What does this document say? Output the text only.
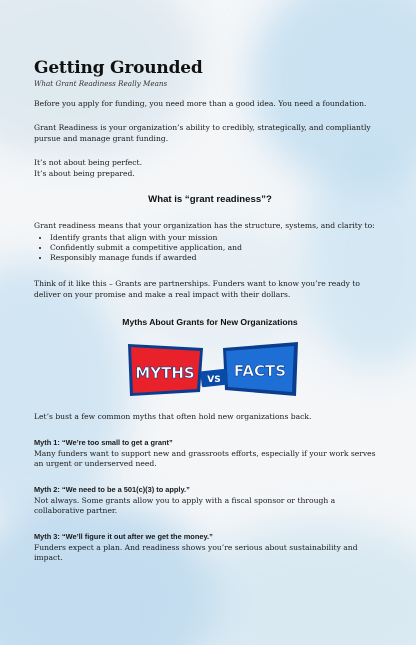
Getting Grounded
What Grant Readiness Really Means

Before you apply for funding, you need more than a good idea. You need a foundation.

Grant Readiness is your organization’s ability to credibly, strategically, and compliantly pursue and manage grant funding.

It’s not about being perfect.

It’s about being prepared.

What is “grant readiness”?

Grant readiness means that your organization has the structure, systems, and clarity to:

• Identify grants that align with your mission
• Confidently submit a competitive application, and
• Responsibly manage funds if awarded

Think of it like this – Grants are partnerships. Funders want to know you’re ready to deliver on your promise and make a real impact with their dollars.

Myths About Grants for New Organizations
MYTHS	FACTS
VS

Let’s bust a few common myths that often hold new organizations back.

Myth 1: “We’re too small to get a grant”

Many funders want to support new and grassroots efforts, especially if your work serves an urgent or underserved need.

Myth 2: “We need to be a 501(c)(3) to apply.”

Not always. Some grants allow you to apply with a fiscal sponsor or through a collaborative partner.

Myth 3: “We’ll figure it out after we get the money.”

Funders expect a plan. And readiness shows you’re serious about sustainability and impact.
